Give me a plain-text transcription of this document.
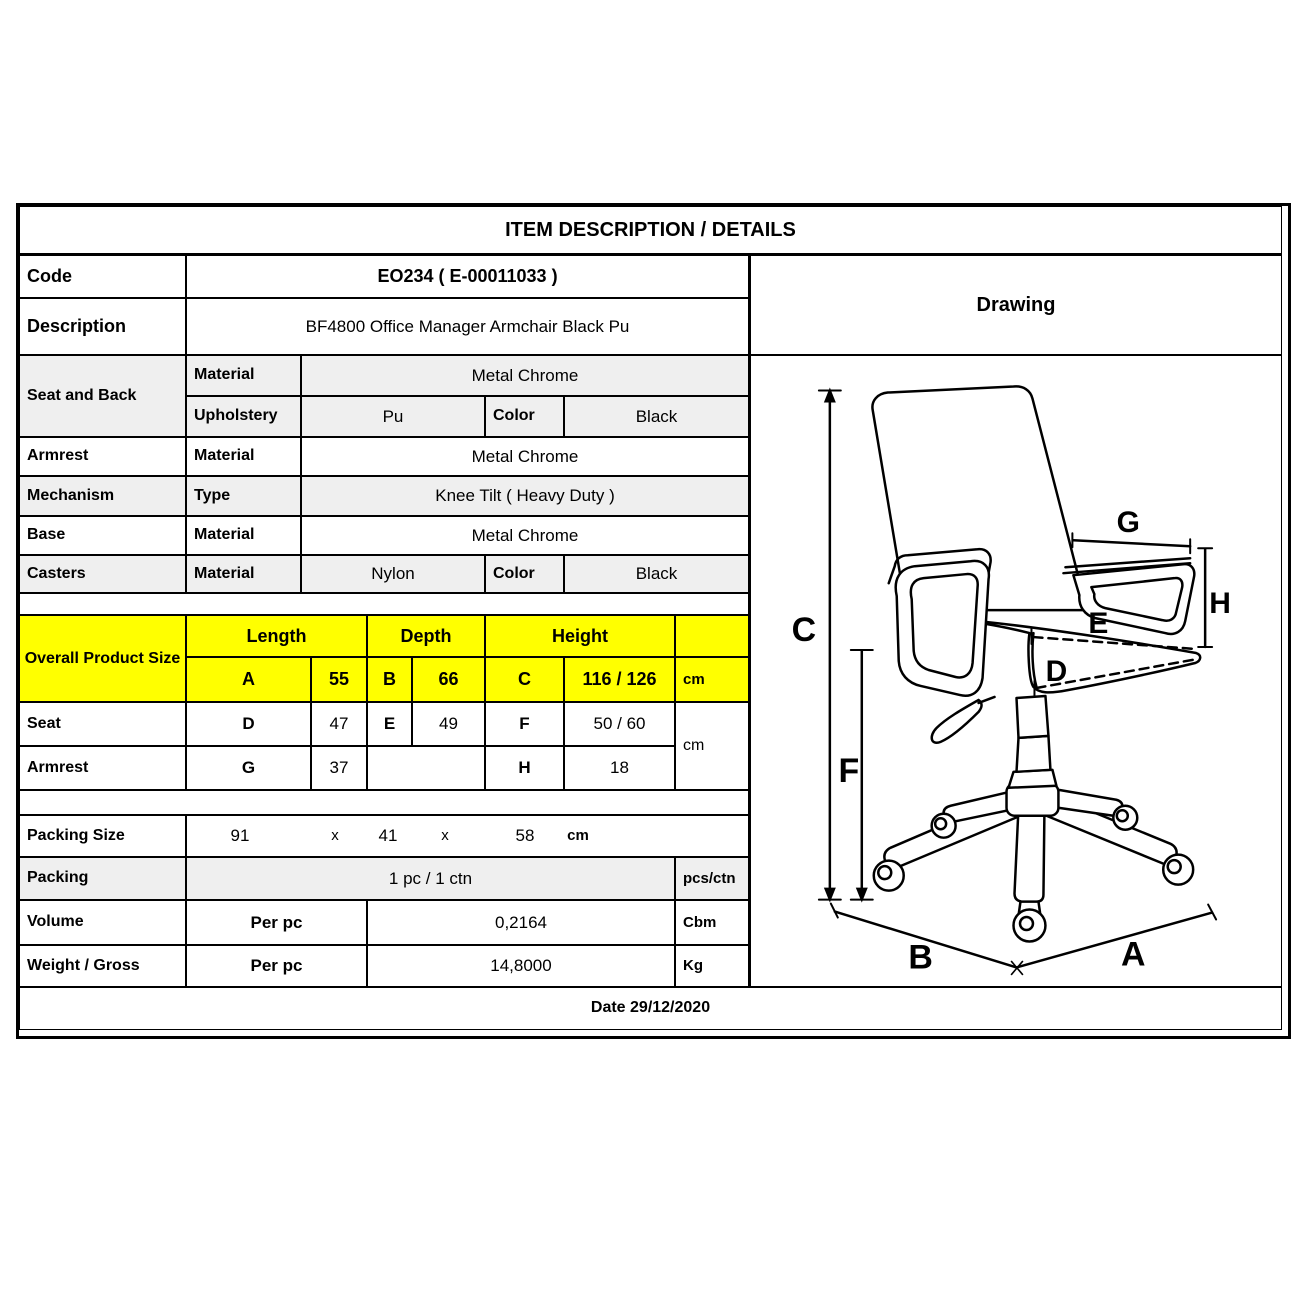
ITEM DESCRIPTION / DETAILS
Code	EO234 ( E-00011033 )
Drawing
Description	BF4800 Office Manager Armchair Black Pu
Seat and Back
Material	Metal Chrome
Upholstery	Pu	Color	Black
Armrest	Material	Metal Chrome
Mechanism	Type	Knee Tilt ( Heavy Duty )
Base	Material	Metal Chrome
Casters	Material	Nylon	Color	Black
Overall Product Size
Length	Depth	Height
A	55	B	66	C	116 / 126	cm
Seat	D	47	E	49	F	50 / 60
cm
Armrest	G	37	H	18
Packing Size	91	x 41	x	58 cm
Packing	1 pc / 1 ctn	pcs/ctn
Volume	Per pc	0,2164	Cbm
Weight / Gross	Per pc	14,8000	Kg
Date 29/12/2020
C
F
G
H
E
D
B	A
